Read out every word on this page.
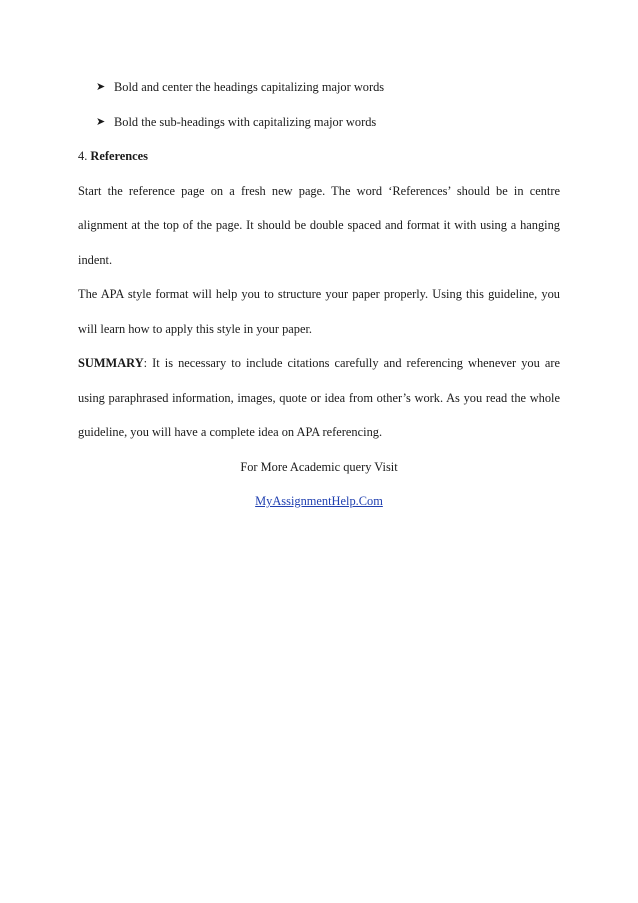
➤ Bold and center the headings capitalizing major words
➤ Bold the sub-headings with capitalizing major words
4. References

Start the reference page on a fresh new page. The word ‘References’ should be in centre alignment at the top of the page. It should be double spaced and format it with using a hanging indent.

The APA style format will help you to structure your paper properly. Using this guideline, you will learn how to apply this style in your paper.

SUMMARY: It is necessary to include citations carefully and referencing whenever you are using paraphrased information, images, quote or idea from other’s work. As you read the whole guideline, you will have a complete idea on APA referencing.

For More Academic query Visit
MyAssignmentHelp.Com
